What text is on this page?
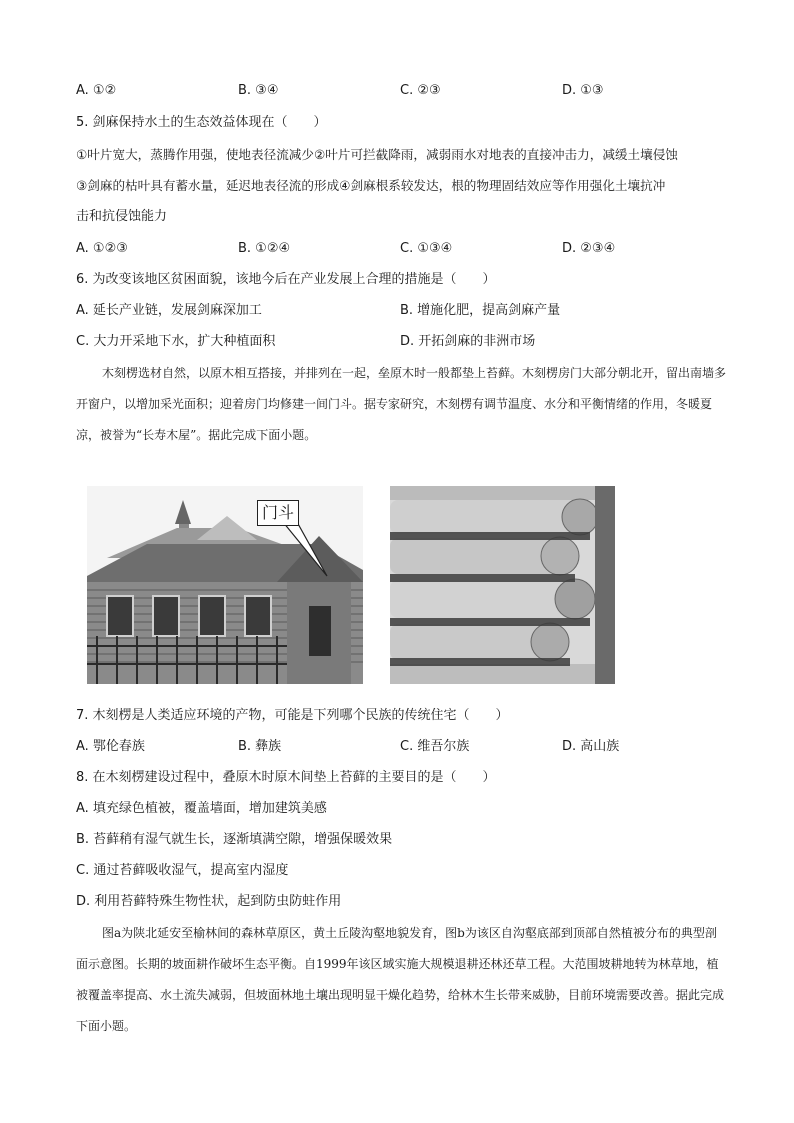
A. ①②	B. ③④	C. ②③	D. ①③
5. 剑麻保持水土的生态效益体现在（　　）
①叶片宽大，蒸腾作用强，使地表径流减少②叶片可拦截降雨，减弱雨水对地表的直接冲击力，减缓土壤侵蚀
③剑麻的枯叶具有蓄水量，延迟地表径流的形成④剑麻根系较发达，根的物理固结效应等作用强化土壤抗冲
击和抗侵蚀能力
A. ①②③	B. ①②④	C. ①③④	D. ②③④
6. 为改变该地区贫困面貌，该地今后在产业发展上合理的措施是（　　）
A. 延长产业链，发展剑麻深加工	B. 增施化肥，提高剑麻产量
C. 大力开采地下水，扩大种植面积	D. 开拓剑麻的非洲市场
木刻楞选材自然，以原木相互搭接，并排列在一起，垒原木时一般都垫上苔藓。木刻楞房门大部分朝北开，留出南墙多开窗户，以增加采光面积；迎着房门均修建一间门斗。据专家研究，木刻楞有调节温度、水分和平衡情绪的作用，冬暖夏凉，被誉为“长寿木屋”。据此完成下面小题。
门斗
7. 木刻楞是人类适应环境的产物，可能是下列哪个民族的传统住宅（　　）
A. 鄂伦春族	B. 彝族	C. 维吾尔族	D. 高山族
8. 在木刻楞建设过程中，叠原木时原木间垫上苔藓的主要目的是（　　）
A. 填充绿色植被，覆盖墙面，增加建筑美感
B. 苔藓稍有湿气就生长，逐渐填满空隙，增强保暖效果
C. 通过苔藓吸收湿气，提高室内湿度
D. 利用苔藓特殊生物性状，起到防虫防蛀作用
图a为陕北延安至榆林间的森林草原区，黄土丘陵沟壑地貌发育，图b为该区自沟壑底部到顶部自然植被分布的典型剖面示意图。长期的坡面耕作破坏生态平衡。自1999年该区域实施大规模退耕还林还草工程。大范围坡耕地转为林草地，植被覆盖率提高、水土流失减弱，但坡面林地土壤出现明显干燥化趋势，给林木生长带来威胁，目前环境需要改善。据此完成下面小题。
